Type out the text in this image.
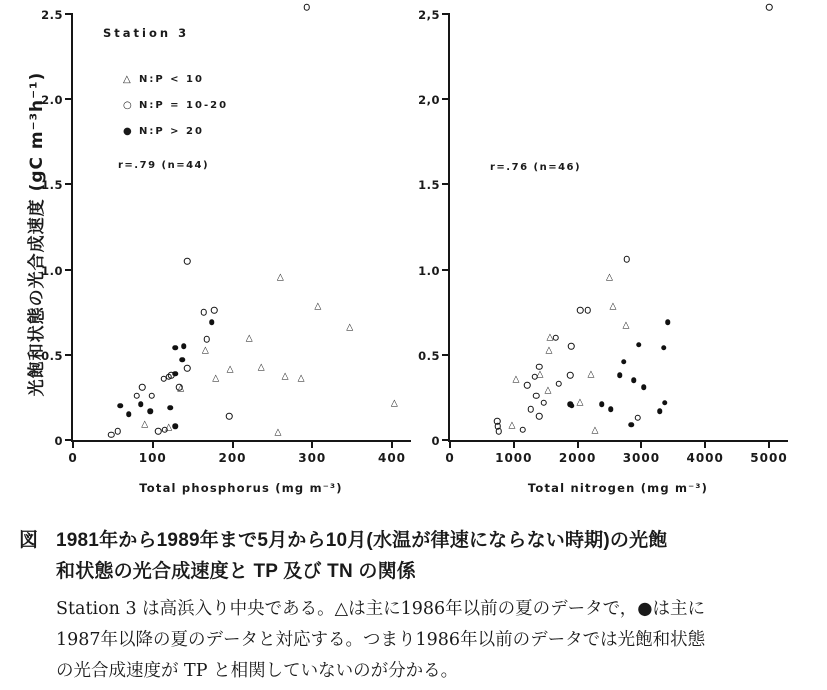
光飽和状態の光合成速度 (gC m⁻³h⁻¹)
Station 3
△ N:P < 10
○ N:P = 10-20
● N:P > 20
r=.79 (n=44)
0	100	200	300	400
0
0.5
1.0
1.5
2.0
2.5
△ △
△
△
△
△
△
△
△
△
△ △
△
△
△
r=.76 (n=46)
0	1000 2000 3000 4000 5000
0
0.5
1.0
1.5
2,0
2,5
△
△
△
△
△
△
△
△
△
△
△
△
Total phosphorus (mg m⁻³)	Total nitrogen (mg m⁻³)
図 1981年から1989年まで5月から10月(水温が律速にならない時期)の光飽
和状態の光合成速度と TP 及び TN の関係
Station 3 は高浜入り中央である。△は主に1986年以前の夏のデータで，●は主に
1987年以降の夏のデータと対応する。つまり1986年以前のデータでは光飽和状態
の光合成速度が TP と相関していないのが分かる。
